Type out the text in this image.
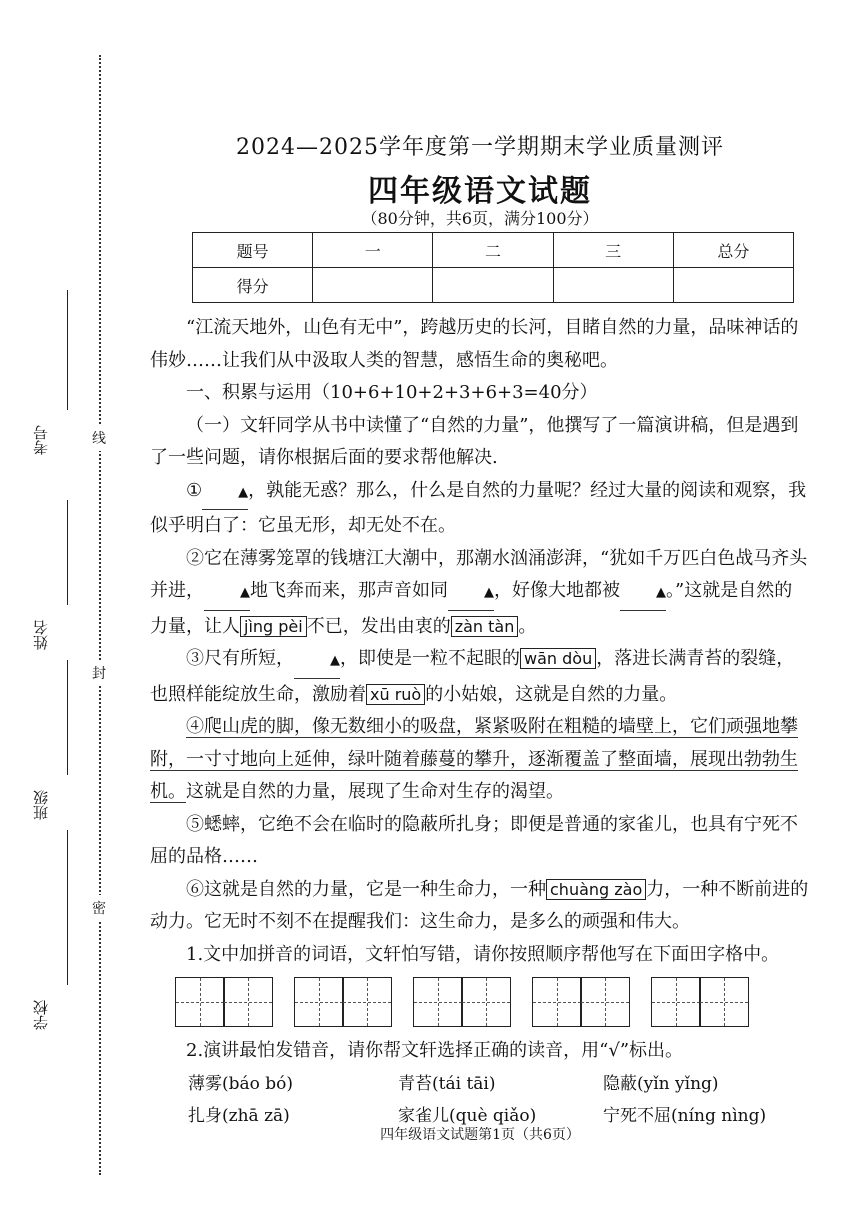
考号
姓名
班级
学校
线
封
密
2024—2025学年度第一学期期末学业质量测评
四年级语文试题
（80分钟，共6页，满分100分）
题号	一	二	三	总分
得分				

“江流天地外，山色有无中”，跨越历史的长河，目睹自然的力量，品味神话的伟妙……让我们从中汲取人类的智慧，感悟生命的奥秘吧。

一、积累与运用（10+6+10+2+3+6+3=40分）

（一）文轩同学从书中读懂了“自然的力量”，他撰写了一篇演讲稿，但是遇到了一些问题，请你根据后面的要求帮他解决.

①	▲，孰能无惑？那么，什么是自然的力量呢？经过大量的阅读和观察，我似乎明白了：它虽无形，却无处不在。

②它在薄雾笼罩的钱塘江大潮中，那潮水汹涌澎湃，“犹如千万匹白色战马齐头并进，	▲地飞奔而来，那声音如同	▲，好像大地都被	▲。”这就是自然的力量，让人 jìng pèi 不已，发出由衷的 zàn tàn 。

③尺有所短，	▲，即使是一粒不起眼的 wān dòu ，落进长满青苔的裂缝，也照样能绽放生命，激励着 xū ruò 的小姑娘，这就是自然的力量。

④爬山虎的脚，像无数细小的吸盘，紧紧吸附在粗糙的墙壁上，它们顽强地攀附，一寸寸地向上延伸，绿叶随着藤蔓的攀升，逐渐覆盖了整面墙，展现出勃勃生机。这就是自然的力量，展现了生命对生存的渴望。

⑤蟋蟀，它绝不会在临时的隐蔽所扎身；即便是普通的家雀儿，也具有宁死不屈的品格……

⑥这就是自然的力量，它是一种生命力，一种 chuàng zào 力，一种不断前进的动力。它无时不刻不在提醒我们：这生命力，是多么的顽强和伟大。

1.文中加拼音的词语，文轩怕写错，请你按照顺序帮他写在下面田字格中。

2.演讲最怕发错音，请你帮文轩选择正确的读音，用“√”标出。

薄雾(báo bó)	青苔(tái tāi)	隐蔽(yǐn yǐng)
扎身(zhā zā)	家雀儿(què qiǎo)	宁死不屈(níng nìng)
四年级语文试题第1页（共6页）
